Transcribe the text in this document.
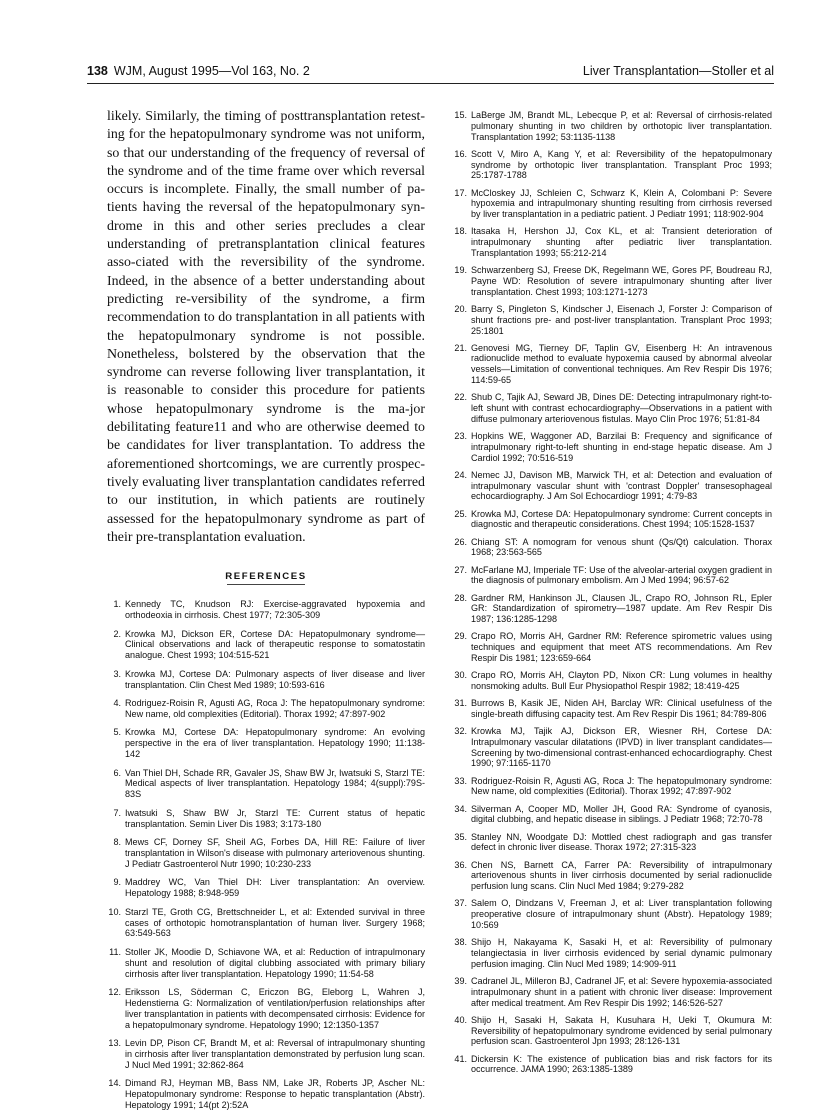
138 WJM, August 1995—Vol 163, No. 2	Liver Transplantation—Stoller et al

likely. Similarly, the timing of posttransplantation retest-ing for the hepatopulmonary syndrome was not uniform, so that our understanding of the frequency of reversal of the syndrome and of the time frame over which reversal occurs is incomplete. Finally, the small number of pa-tients having the reversal of the hepatopulmonary syn-drome in this and other series precludes a clear understanding of pretransplantation clinical features asso-ciated with the reversibility of the syndrome. Indeed, in the absence of a better understanding about predicting re-versibility of the syndrome, a firm recommendation to do transplantation in all patients with the hepatopulmonary syndrome is not possible. Nonetheless, bolstered by the observation that the syndrome can reverse following liver transplantation, it is reasonable to consider this procedure for patients whose hepatopulmonary syndrome is the ma-jor debilitating feature11 and who are otherwise deemed to be candidates for liver transplantation. To address the aforementioned shortcomings, we are currently prospec-tively evaluating liver transplantation candidates referred to our institution, in which patients are routinely assessed for the hepatopulmonary syndrome as part of their pre-transplantation evaluation.

REFERENCES

1. Kennedy TC, Knudson RJ: Exercise-aggravated hypoxemia and orthodeoxia in cirrhosis. Chest 1977; 72:305-309
2. Krowka MJ, Dickson ER, Cortese DA: Hepatopulmonary syndrome—Clinical observations and lack of therapeutic response to somatostatin analogue. Chest 1993; 104:515-521
3. Krowka MJ, Cortese DA: Pulmonary aspects of liver disease and liver transplantation. Clin Chest Med 1989; 10:593-616
4. Rodriguez-Roisin R, Agusti AG, Roca J: The hepatopulmonary syndrome: New name, old complexities (Editorial). Thorax 1992; 47:897-902
5. Krowka MJ, Cortese DA: Hepatopulmonary syndrome: An evolving perspective in the era of liver transplantation. Hepatology 1990; 11:138-142
6. Van Thiel DH, Schade RR, Gavaler JS, Shaw BW Jr, Iwatsuki S, Starzl TE: Medical aspects of liver transplantation. Hepatology 1984; 4(suppl):79S-83S
7. Iwatsuki S, Shaw BW Jr, Starzl TE: Current status of hepatic transplantation. Semin Liver Dis 1983; 3:173-180
8. Mews CF, Dorney SF, Sheil AG, Forbes DA, Hill RE: Failure of liver transplantation in Wilson's disease with pulmonary arteriovenous shunting. J Pediatr Gastroenterol Nutr 1990; 10:230-233
9. Maddrey WC, Van Thiel DH: Liver transplantation: An overview. Hepatology 1988; 8:948-959
10. Starzl TE, Groth CG, Brettschneider L, et al: Extended survival in three cases of orthotopic homotransplantation of human liver. Surgery 1968; 63:549-563
11. Stoller JK, Moodie D, Schiavone WA, et al: Reduction of intrapulmonary shunt and resolution of digital clubbing associated with primary biliary cirrhosis after liver transplantation. Hepatology 1990; 11:54-58
12. Eriksson LS, Söderman C, Ericzon BG, Eleborg L, Wahren J, Hedenstierna G: Normalization of ventilation/perfusion relationships after liver transplantation in patients with decompensated cirrhosis: Evidence for a hepatopulmonary syndrome. Hepatology 1990; 12:1350-1357
13. Levin DP, Pison CF, Brandt M, et al: Reversal of intrapulmonary shunting in cirrhosis after liver transplantation demonstrated by perfusion lung scan. J Nucl Med 1991; 32:862-864
14. Dimand RJ, Heyman MB, Bass NM, Lake JR, Roberts JP, Ascher NL: Hepatopulmonary syndrome: Response to hepatic transplantation (Abstr). Hepatology 1991; 14(pt 2):52A
15. LaBerge JM, Brandt ML, Lebecque P, et al: Reversal of cirrhosis-related pulmonary shunting in two children by orthotopic liver transplantation. Transplantation 1992; 53:1135-1138
16. Scott V, Miro A, Kang Y, et al: Reversibility of the hepatopulmonary syndrome by orthotopic liver transplantation. Transplant Proc 1993; 25:1787-1788
17. McCloskey JJ, Schleien C, Schwarz K, Klein A, Colombani P: Severe hypoxemia and intrapulmonary shunting resulting from cirrhosis reversed by liver transplantation in a pediatric patient. J Pediatr 1991; 118:902-904
18. Itasaka H, Hershon JJ, Cox KL, et al: Transient deterioration of intrapulmonary shunting after pediatric liver transplantation. Transplantation 1993; 55:212-214
19. Schwarzenberg SJ, Freese DK, Regelmann WE, Gores PF, Boudreau RJ, Payne WD: Resolution of severe intrapulmonary shunting after liver transplantation. Chest 1993; 103:1271-1273
20. Barry S, Pingleton S, Kindscher J, Eisenach J, Forster J: Comparison of shunt fractions pre- and post-liver transplantation. Transplant Proc 1993; 25:1801
21. Genovesi MG, Tierney DF, Taplin GV, Eisenberg H: An intravenous radionuclide method to evaluate hypoxemia caused by abnormal alveolar vessels—Limitation of conventional techniques. Am Rev Respir Dis 1976; 114:59-65
22. Shub C, Tajik AJ, Seward JB, Dines DE: Detecting intrapulmonary right-to-left shunt with contrast echocardiography—Observations in a patient with diffuse pulmonary arteriovenous fistulas. Mayo Clin Proc 1976; 51:81-84
23. Hopkins WE, Waggoner AD, Barzilai B: Frequency and significance of intrapulmonary right-to-left shunting in end-stage hepatic disease. Am J Cardiol 1992; 70:516-519
24. Nemec JJ, Davison MB, Marwick TH, et al: Detection and evaluation of intrapulmonary vascular shunt with 'contrast Doppler' transesophageal echocardiography. J Am Sol Echocardiogr 1991; 4:79-83
25. Krowka MJ, Cortese DA: Hepatopulmonary syndrome: Current concepts in diagnostic and therapeutic considerations. Chest 1994; 105:1528-1537
26. Chiang ST: A nomogram for venous shunt (Qs/Qt) calculation. Thorax 1968; 23:563-565
27. McFarlane MJ, Imperiale TF: Use of the alveolar-arterial oxygen gradient in the diagnosis of pulmonary embolism. Am J Med 1994; 96:57-62
28. Gardner RM, Hankinson JL, Clausen JL, Crapo RO, Johnson RL, Epler GR: Standardization of spirometry—1987 update. Am Rev Respir Dis 1987; 136:1285-1298
29. Crapo RO, Morris AH, Gardner RM: Reference spirometric values using techniques and equipment that meet ATS recommendations. Am Rev Respir Dis 1981; 123:659-664
30. Crapo RO, Morris AH, Clayton PD, Nixon CR: Lung volumes in healthy nonsmoking adults. Bull Eur Physiopathol Respir 1982; 18:419-425
31. Burrows B, Kasik JE, Niden AH, Barclay WR: Clinical usefulness of the single-breath diffusing capacity test. Am Rev Respir Dis 1961; 84:789-806
32. Krowka MJ, Tajik AJ, Dickson ER, Wiesner RH, Cortese DA: Intrapulmonary vascular dilatations (IPVD) in liver transplant candidates—Screening by two-dimensional contrast-enhanced echocardiography. Chest 1990; 97:1165-1170
33. Rodriguez-Roisin R, Agusti AG, Roca J: The hepatopulmonary syndrome: New name, old complexities (Editorial). Thorax 1992; 47:897-902
34. Silverman A, Cooper MD, Moller JH, Good RA: Syndrome of cyanosis, digital clubbing, and hepatic disease in siblings. J Pediatr 1968; 72:70-78
35. Stanley NN, Woodgate DJ: Mottled chest radiograph and gas transfer defect in chronic liver disease. Thorax 1972; 27:315-323
36. Chen NS, Barnett CA, Farrer PA: Reversibility of intrapulmonary arteriovenous shunts in liver cirrhosis documented by serial radionuclide perfusion lung scans. Clin Nucl Med 1984; 9:279-282
37. Salem O, Dindzans V, Freeman J, et al: Liver transplantation following preoperative closure of intrapulmonary shunt (Abstr). Hepatology 1989; 10:569
38. Shijo H, Nakayama K, Sasaki H, et al: Reversibility of pulmonary telangiectasia in liver cirrhosis evidenced by serial dynamic pulmonary perfusion imaging. Clin Nucl Med 1989; 14:909-911
39. Cadranel JL, Milleron BJ, Cadranel JF, et al: Severe hypoxemia-associated intrapulmonary shunt in a patient with chronic liver disease: Improvement after medical treatment. Am Rev Respir Dis 1992; 146:526-527
40. Shijo H, Sasaki H, Sakata H, Kusuhara H, Ueki T, Okumura M: Reversibility of hepatopulmonary syndrome evidenced by serial pulmonary perfusion scan. Gastroenterol Jpn 1993; 28:126-131
41. Dickersin K: The existence of publication bias and risk factors for its occurrence. JAMA 1990; 263:1385-1389
